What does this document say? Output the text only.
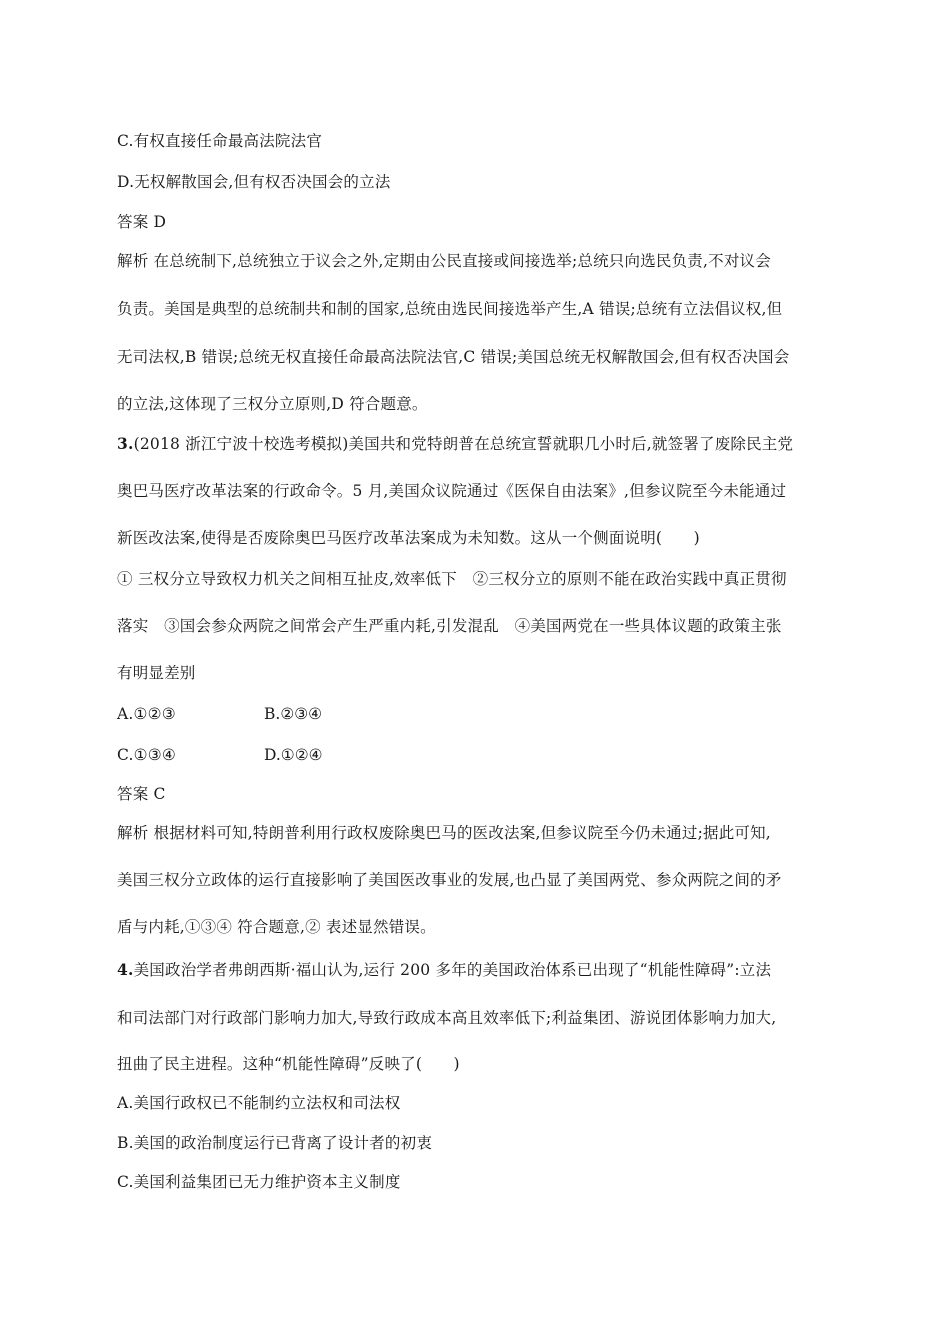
C.有权直接任命最高法院法官
D.无权解散国会,但有权否决国会的立法
答案 D
解析 在总统制下,总统独立于议会之外,定期由公民直接或间接选举;总统只向选民负责,不对议会
负责。美国是典型的总统制共和制的国家,总统由选民间接选举产生,A 错误;总统有立法倡议权,但
无司法权,B 错误;总统无权直接任命最高法院法官,C 错误;美国总统无权解散国会,但有权否决国会
的立法,这体现了三权分立原则,D 符合题意。
3.(2018 浙江宁波十校选考模拟)美国共和党特朗普在总统宣誓就职几小时后,就签署了废除民主党
奥巴马医疗改革法案的行政命令。5 月,美国众议院通过《医保自由法案》,但参议院至今未能通过
新医改法案,使得是否废除奥巴马医疗改革法案成为未知数。这从一个侧面说明(　　)
① 三权分立导致权力机关之间相互扯皮,效率低下　②三权分立的原则不能在政治实践中真正贯彻
落实　③国会参众两院之间常会产生严重内耗,引发混乱　④美国两党在一些具体议题的政策主张
有明显差别
A.①②③	B.②③④
C.①③④	D.①②④
答案 C
解析 根据材料可知,特朗普利用行政权废除奥巴马的医改法案,但参议院至今仍未通过;据此可知,
美国三权分立政体的运行直接影响了美国医改事业的发展,也凸显了美国两党、参众两院之间的矛
盾与内耗,①③④ 符合题意,② 表述显然错误。
4.美国政治学者弗朗西斯·福山认为,运行 200 多年的美国政治体系已出现了“机能性障碍”:立法
和司法部门对行政部门影响力加大,导致行政成本高且效率低下;利益集团、游说团体影响力加大,
扭曲了民主进程。这种“机能性障碍”反映了(　　)
A.美国行政权已不能制约立法权和司法权
B.美国的政治制度运行已背离了设计者的初衷
C.美国利益集团已无力维护资本主义制度
